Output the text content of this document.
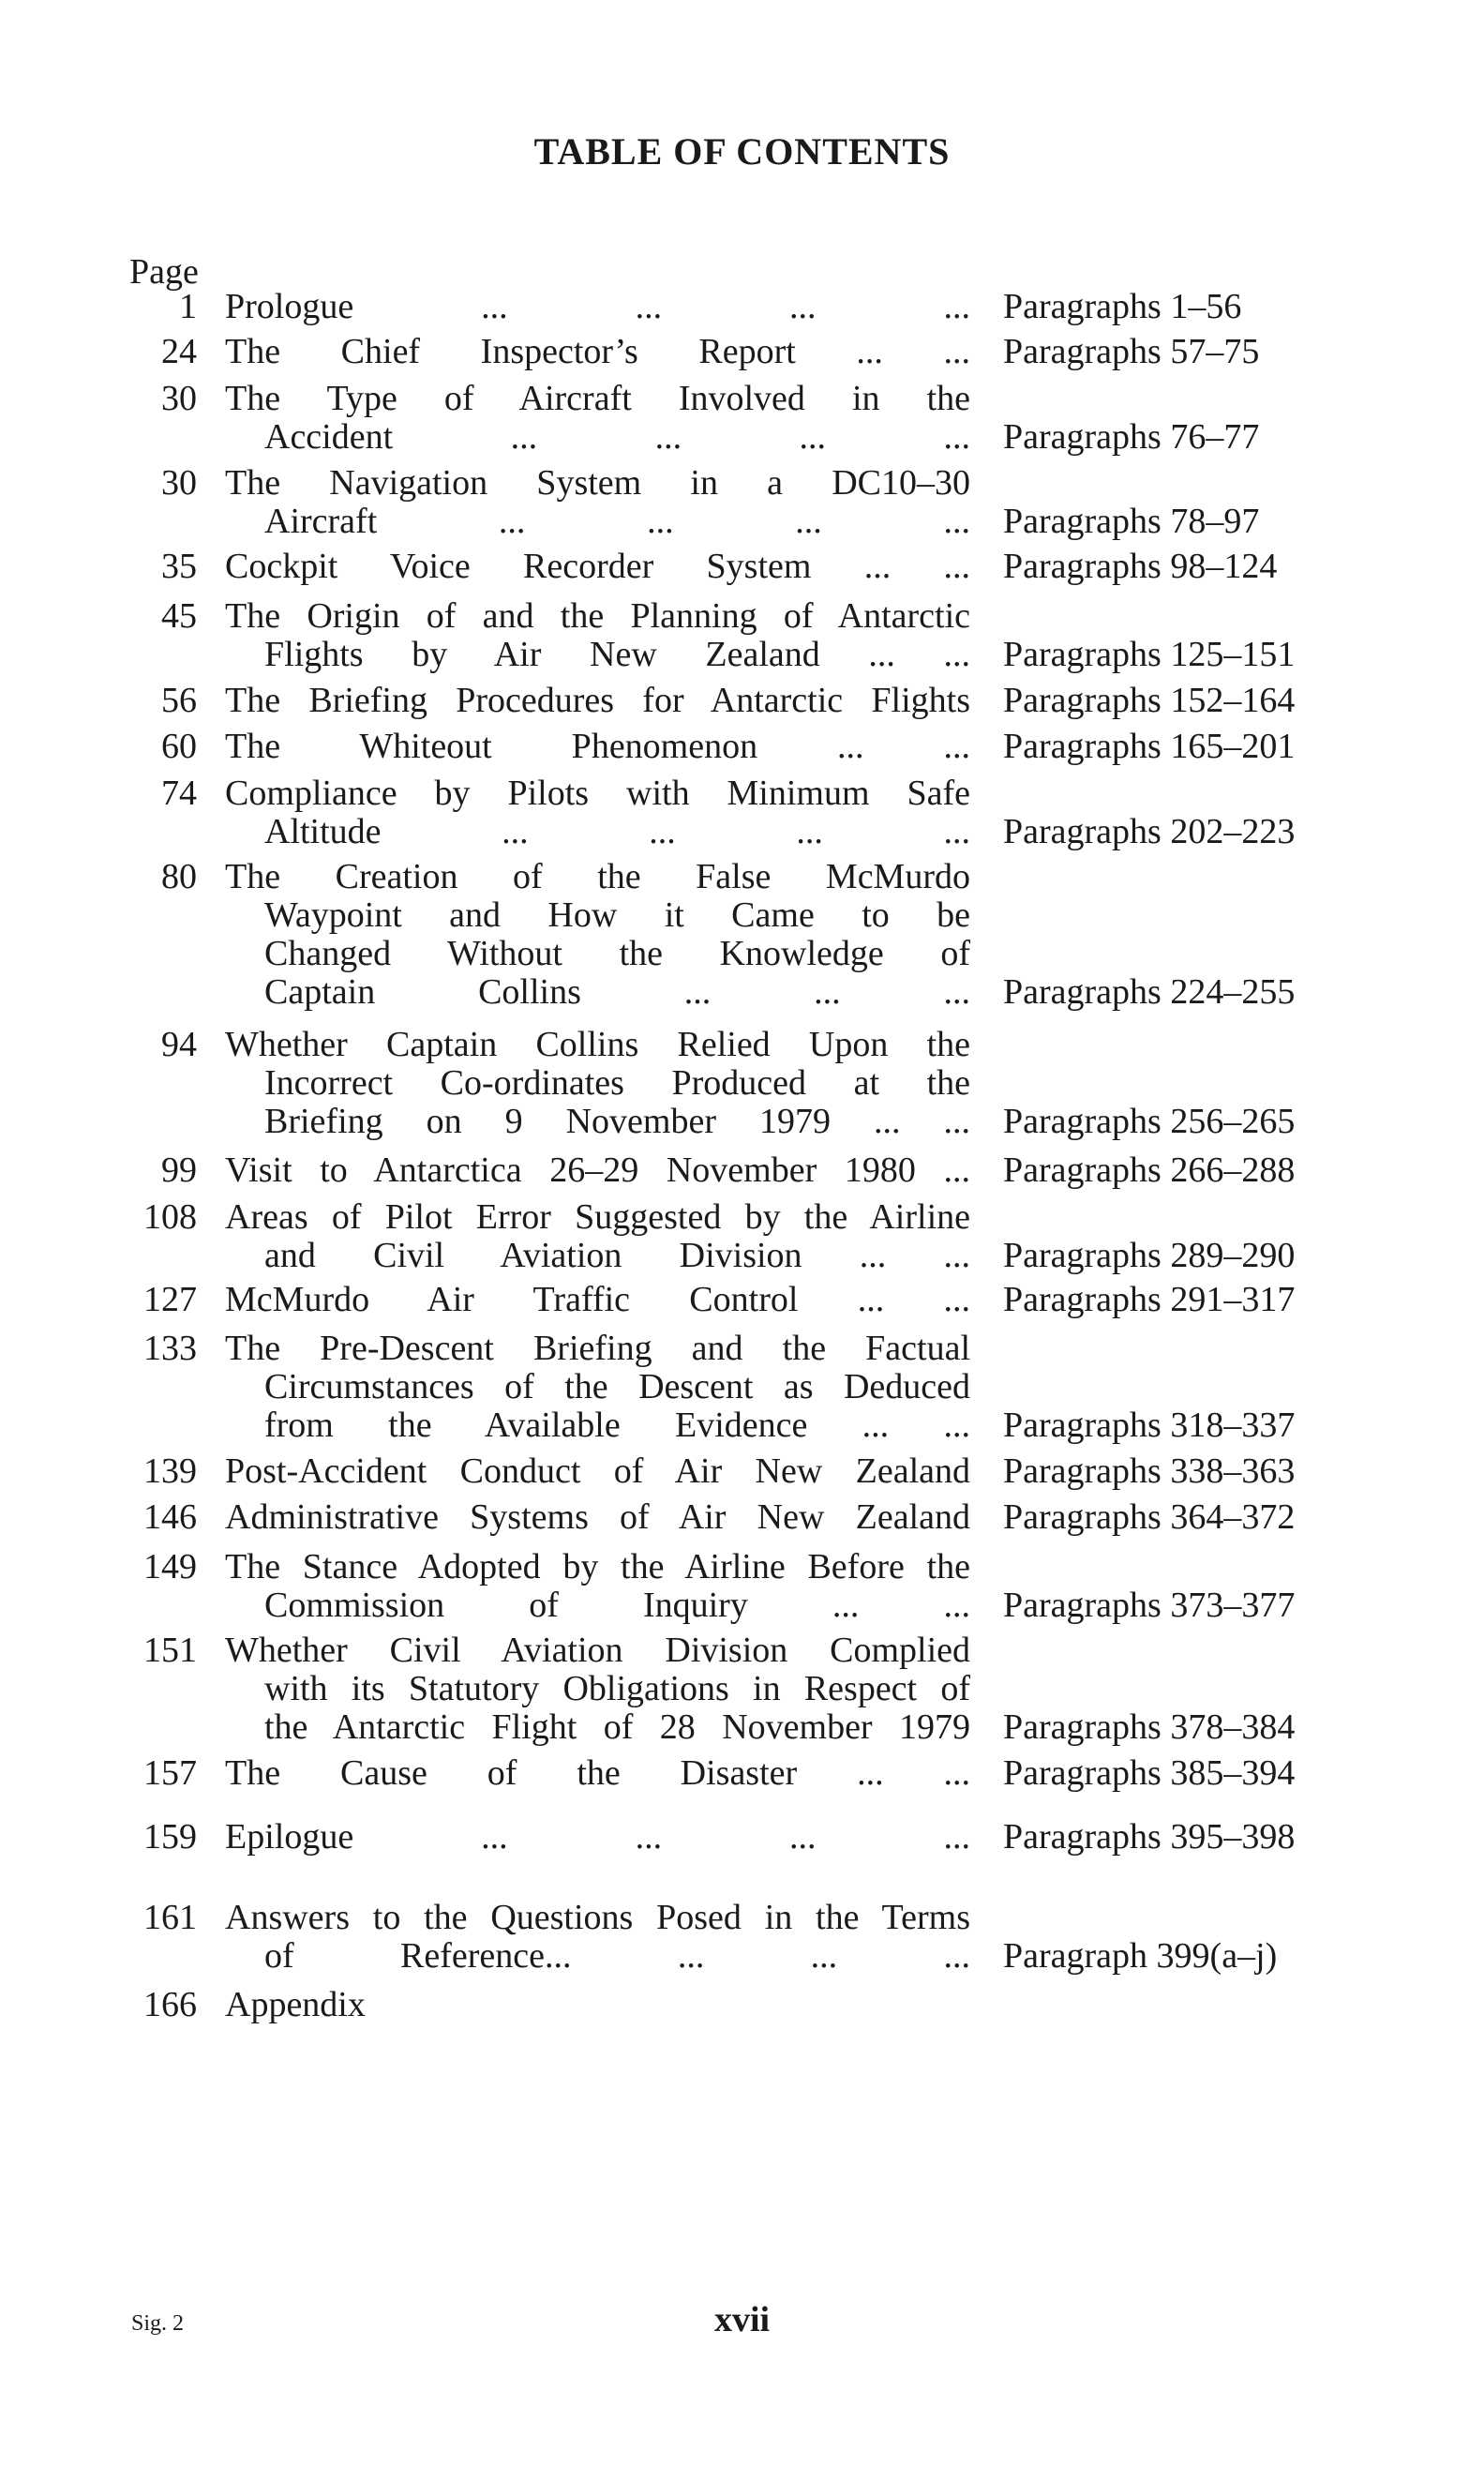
TABLE OF CONTENTS
Page
1 Prologue ... ... ... ... Paragraphs 1–56
24 The Chief Inspector’s Report ... ... Paragraphs 57–75
30 The Type of Aircraft Involved in the
Accident ... ... ... ... Paragraphs 76–77
30 The Navigation System in a DC10–30
Aircraft ... ... ... ... Paragraphs 78–97
35 Cockpit Voice Recorder System ... ... Paragraphs 98–124
45 The Origin of and the Planning of Antarctic
Flights by Air New Zealand ... ... Paragraphs 125–151
56 The Briefing Procedures for Antarctic Flights Paragraphs 152–164
60 The Whiteout Phenomenon ... ... Paragraphs 165–201
74 Compliance by Pilots with Minimum Safe
Altitude ... ... ... ... Paragraphs 202–223
80 The Creation of the False McMurdo
Waypoint and How it Came to be
Changed Without the Knowledge of
Captain Collins ... ... ... Paragraphs 224–255
94 Whether Captain Collins Relied Upon the
Incorrect Co-ordinates Produced at the
Briefing on 9 November 1979 ... ... Paragraphs 256–265
99 Visit to Antarctica 26–29 November 1980 ... Paragraphs 266–288
108 Areas of Pilot Error Suggested by the Airline
and Civil Aviation Division ... ... Paragraphs 289–290
127 McMurdo Air Traffic Control ... ... Paragraphs 291–317
133 The Pre-Descent Briefing and the Factual
Circumstances of the Descent as Deduced
from the Available Evidence ... ... Paragraphs 318–337
139 Post-Accident Conduct of Air New Zealand Paragraphs 338–363
146 Administrative Systems of Air New Zealand Paragraphs 364–372
149 The Stance Adopted by the Airline Before the
Commission of Inquiry ... ... Paragraphs 373–377
151 Whether Civil Aviation Division Complied
with its Statutory Obligations in Respect of
the Antarctic Flight of 28 November 1979 Paragraphs 378–384
157 The Cause of the Disaster ... ... Paragraphs 385–394
159 Epilogue ... ... ... ... Paragraphs 395–398
161 Answers to the Questions Posed in the Terms
of Reference... ... ... ... Paragraph 399(a–j)
166 Appendix
Sig. 2	xvii
